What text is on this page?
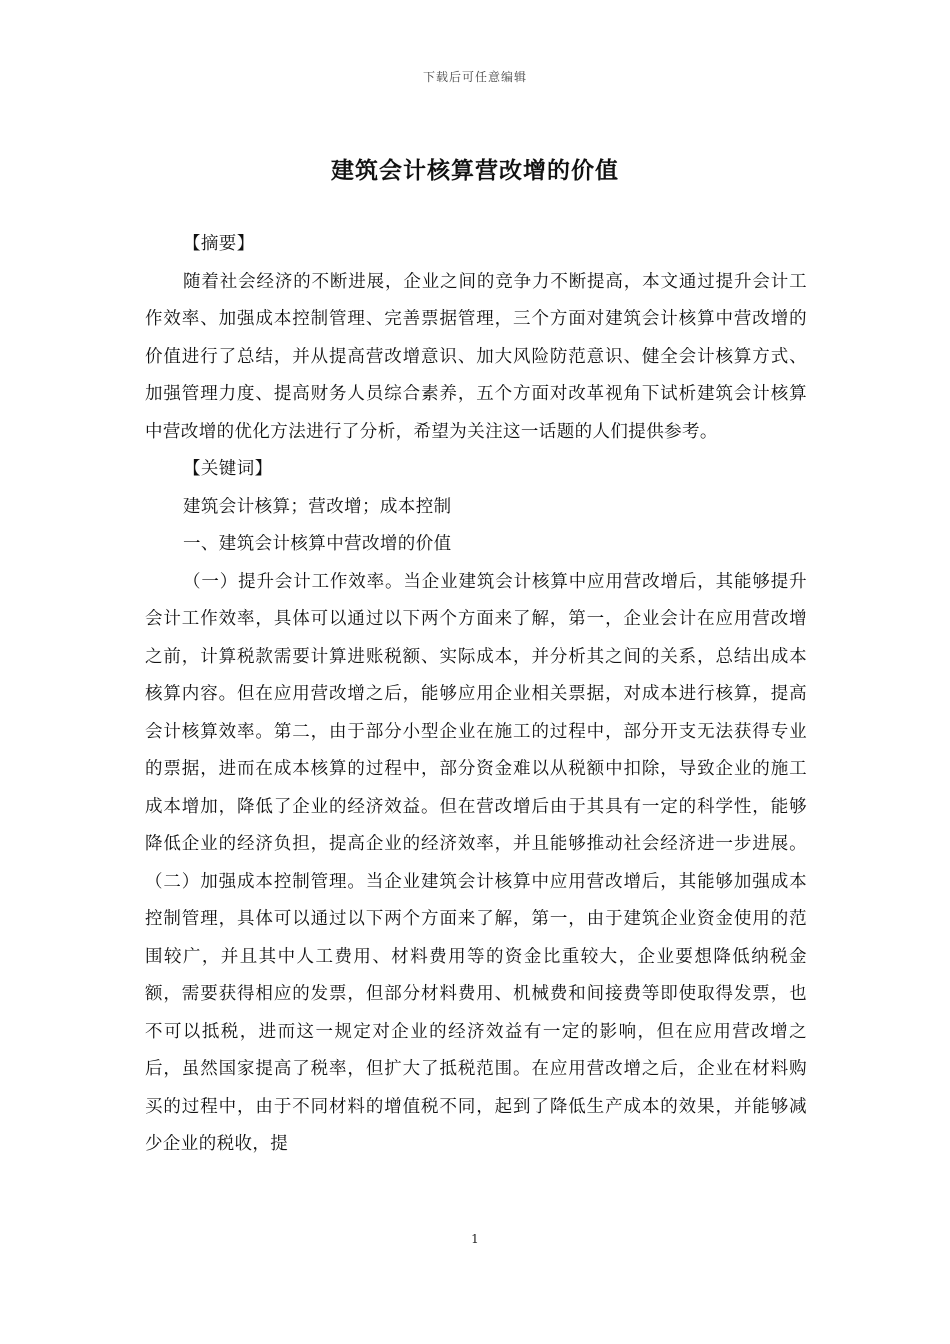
下载后可任意编辑
建筑会计核算营改增的价值

【摘要】

随着社会经济的不断进展，企业之间的竞争力不断提高，本文通过提升会计工作效率、加强成本控制管理、完善票据管理，三个方面对建筑会计核算中营改增的价值进行了总结，并从提高营改增意识、加大风险防范意识、健全会计核算方式、加强管理力度、提高财务人员综合素养，五个方面对改革视角下试析建筑会计核算中营改增的优化方法进行了分析，希望为关注这一话题的人们提供参考。

【关键词】

建筑会计核算；营改增；成本控制

一、建筑会计核算中营改增的价值

（一）提升会计工作效率。当企业建筑会计核算中应用营改增后，其能够提升会计工作效率，具体可以通过以下两个方面来了解，第一，企业会计在应用营改增之前，计算税款需要计算进账税额、实际成本，并分析其之间的关系，总结出成本核算内容。但在应用营改增之后，能够应用企业相关票据，对成本进行核算，提高会计核算效率。第二，由于部分小型企业在施工的过程中，部分开支无法获得专业的票据，进而在成本核算的过程中，部分资金难以从税额中扣除，导致企业的施工成本增加，降低了企业的经济效益。但在营改增后由于其具有一定的科学性，能够降低企业的经济负担，提高企业的经济效率，并且能够推动社会经济进一步进展。（二）加强成本控制管理。当企业建筑会计核算中应用营改增后，其能够加强成本控制管理，具体可以通过以下两个方面来了解，第一，由于建筑企业资金使用的范围较广，并且其中人工费用、材料费用等的资金比重较大，企业要想降低纳税金额，需要获得相应的发票，但部分材料费用、机械费和间接费等即使取得发票，也不可以抵税，进而这一规定对企业的经济效益有一定的影响，但在应用营改增之后，虽然国家提高了税率，但扩大了抵税范围。在应用营改增之后，企业在材料购买的过程中，由于不同材料的增值税不同，起到了降低生产成本的效果，并能够减少企业的税收，提

1
